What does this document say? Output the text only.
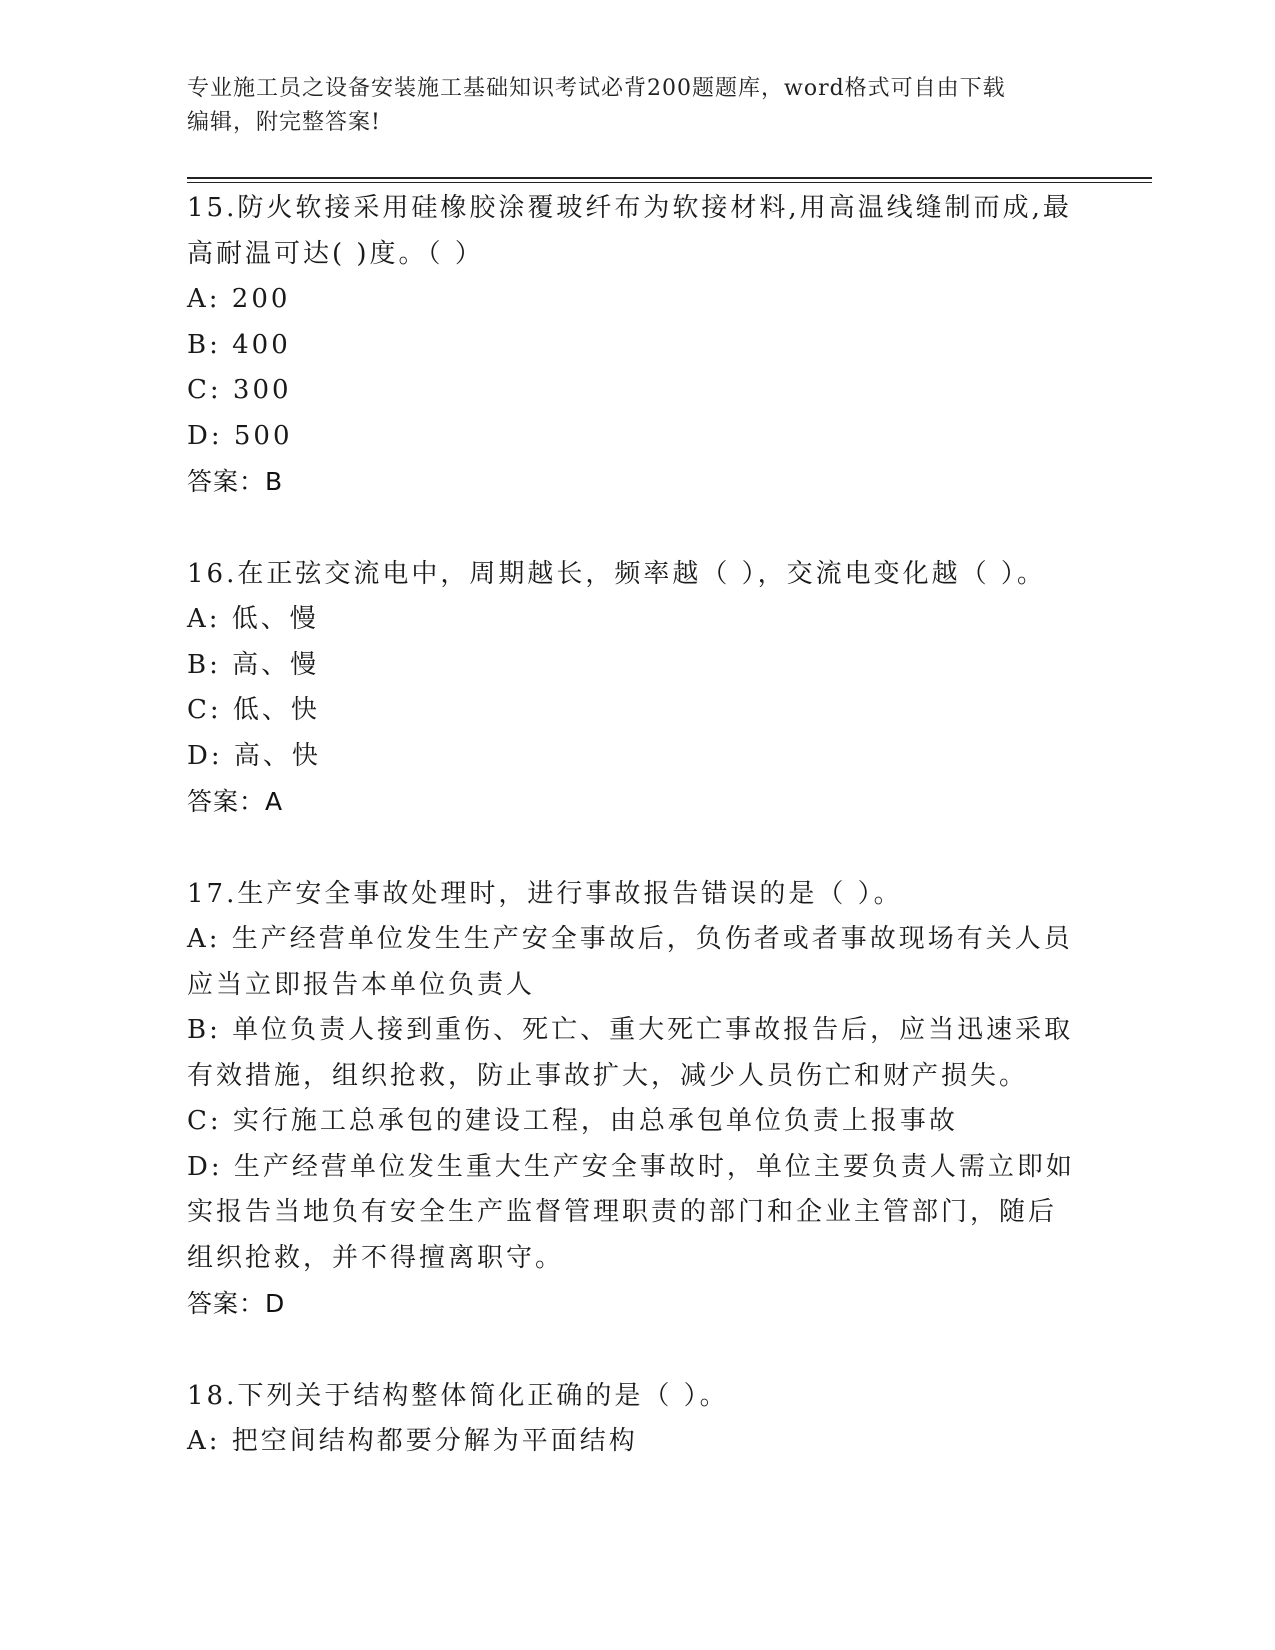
专业施工员之设备安装施工基础知识考试必背200题题库，word格式可自由下载
编辑，附完整答案!
15.防火软接采用硅橡胶涂覆玻纤布为软接材料,用高温线缝制而成,最
高耐温可达( )度。（ ）
A: 200
B: 400
C: 300
D: 500
答案：B
16.在正弦交流电中，周期越长，频率越（ ），交流电变化越（ ）。
A: 低、慢
B: 高、慢
C: 低、快
D: 高、快
答案：A
17.生产安全事故处理时，进行事故报告错误的是（ ）。
A: 生产经营单位发生生产安全事故后，负伤者或者事故现场有关人员
应当立即报告本单位负责人
B: 单位负责人接到重伤、死亡、重大死亡事故报告后，应当迅速采取
有效措施，组织抢救，防止事故扩大，减少人员伤亡和财产损失。
C: 实行施工总承包的建设工程，由总承包单位负责上报事故
D: 生产经营单位发生重大生产安全事故时，单位主要负责人需立即如
实报告当地负有安全生产监督管理职责的部门和企业主管部门，随后
组织抢救，并不得擅离职守。
答案：D
18.下列关于结构整体简化正确的是（ ）。
A: 把空间结构都要分解为平面结构
